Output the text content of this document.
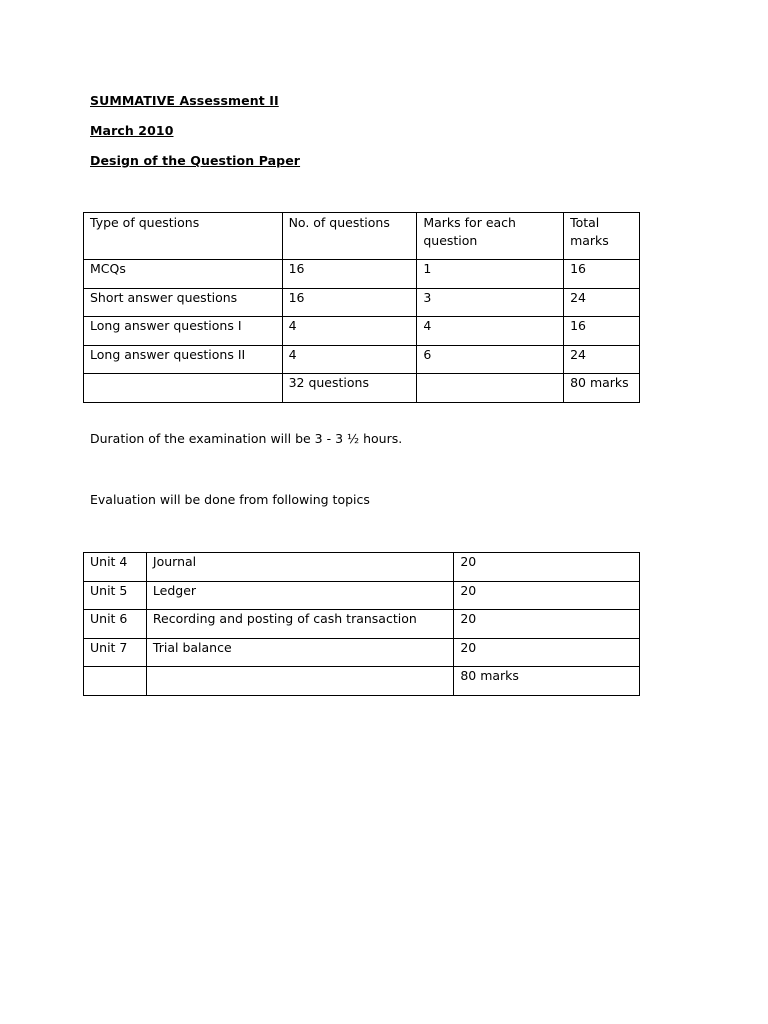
SUMMATIVE Assessment II
March 2010
Design of the Question Paper
Type of questions	No. of questions	Marks for each question	Total marks
MCQs	16	1	16
Short answer questions	16	3	24
Long answer questions I	4	4	16
Long answer questions II	4	6	24
	32 questions		80 marks
Duration of the examination will be 3 - 3 ½ hours.
Evaluation will be done from following topics
Unit 4	Journal	20
Unit 5	Ledger	20
Unit 6	Recording and posting of cash transaction	20
Unit 7	Trial balance	20
		80 marks
